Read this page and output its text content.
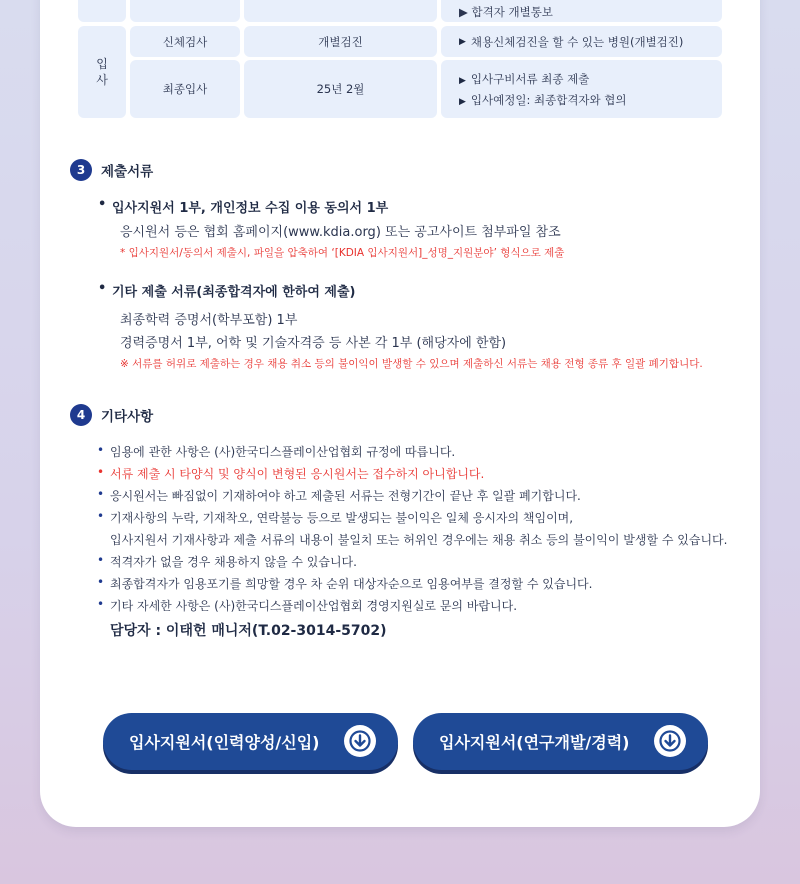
▶ 합격자 개별통보
입
사
신체검사	개별검진	▶ 채용신체검진을 할 수 있는 병원(개별검진)
최종입사	25년 2월
▶ 입사구비서류 최종 제출
▶ 입사예정일: 최종합격자와 협의
3	제출서류
• 입사지원서 1부, 개인정보 수집 이용 동의서 1부
응시원서 등은 협회 홈페이지(www.kdia.org) 또는 공고사이트 첨부파일 참조
* 입사지원서/동의서 제출시, 파일을 압축하여 ‘[KDIA 입사지원서]_성명_지원분야’ 형식으로 제출
• 기타 제출 서류(최종합격자에 한하여 제출)
최종학력 증명서(학부포함) 1부
경력증명서 1부, 어학 및 기술자격증 등 사본 각 1부 (해당자에 한함)
※ 서류를 허위로 제출하는 경우 채용 취소 등의 불이익이 발생할 수 있으며 제출하신 서류는 채용 전형 종류 후 일괄 폐기합니다.
4	기타사항
• 임용에 관한 사항은 (사)한국디스플레이산업협회 규정에 따릅니다.
• 서류 제출 시 타양식 및 양식이 변형된 응시원서는 접수하지 아니합니다.
• 응시원서는 빠짐없이 기재하여야 하고 제출된 서류는 전형기간이 끝난 후 일괄 폐기합니다.
• 기재사항의 누락, 기재착오, 연락불능 등으로 발생되는 불이익은 일체 응시자의 책임이며,
입사지원서 기재사항과 제출 서류의 내용이 불일치 또는 허위인 경우에는 채용 취소 등의 불이익이 발생할 수 있습니다.
• 적격자가 없을 경우 채용하지 않을 수 있습니다.
• 최종합격자가 임용포기를 희망할 경우 차 순위 대상자순으로 임용여부를 결정할 수 있습니다.
• 기타 자세한 사항은 (사)한국디스플레이산업협회 경영지원실로 문의 바랍니다.
담당자 : 이태헌 매니저(T.02-3014-5702)
입사지원서(인력양성/신입)	입사지원서(연구개발/경력)
